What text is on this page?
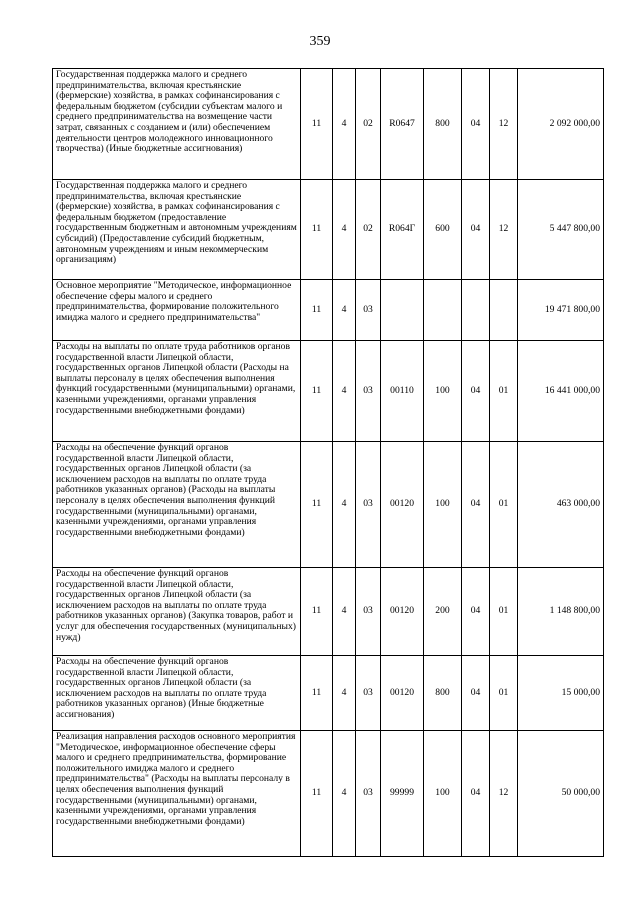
359
Государственная поддержка малого и среднего предпринимательства, включая крестьянские (фермерские) хозяйства, в рамках софинансирования с федеральным бюджетом (субсидии субъектам малого и среднего предпринимательства на возмещение части затрат, связанных с созданием и (или) обеспечением деятельности центров молодежного инновационного творчества) (Иные бюджетные ассигнования)	11	4	02	R0647	800	04	12	2 092 000,00
Государственная поддержка малого и среднего предпринимательства, включая крестьянские (фермерские) хозяйства, в рамках софинансирования с федеральным бюджетом (предоставление государственным бюджетным и автономным учреждениям субсидий) (Предоставление субсидий бюджетным, автономным учреждениям и иным некоммерческим организациям)	11	4	02	R064Г	600	04	12	5 447 800,00
Основное мероприятие "Методическое, информационное обеспечение сферы малого и среднего предпринимательства, формирование положительного имиджа малого и среднего предпринимательства"	11	4	03					19 471 800,00
Расходы на выплаты по оплате труда работников органов государственной власти Липецкой области, государственных органов Липецкой области (Расходы на выплаты персоналу в целях обеспечения выполнения функций государственными (муниципальными) органами, казенными учреждениями, органами управления государственными внебюджетными фондами)	11	4	03	00110	100	04	01	16 441 000,00
Расходы на обеспечение функций органов государственной власти Липецкой области, государственных органов Липецкой области (за исключением расходов на выплаты по оплате труда работников указанных органов) (Расходы на выплаты персоналу в целях обеспечения выполнения функций государственными (муниципальными) органами, казенными учреждениями, органами управления государственными внебюджетными фондами)	11	4	03	00120	100	04	01	463 000,00
Расходы на обеспечение функций органов государственной власти Липецкой области, государственных органов Липецкой области (за исключением расходов на выплаты по оплате труда работников указанных органов) (Закупка товаров, работ и услуг для обеспечения государственных (муниципальных) нужд)	11	4	03	00120	200	04	01	1 148 800,00
Расходы на обеспечение функций органов государственной власти Липецкой области, государственных органов Липецкой области (за исключением расходов на выплаты по оплате труда работников указанных органов) (Иные бюджетные ассигнования)	11	4	03	00120	800	04	01	15 000,00
Реализация направления расходов основного мероприятия "Методическое, информационное обеспечение сферы малого и среднего предпринимательства, формирование положительного имиджа малого и среднего предпринимательства" (Расходы на выплаты персоналу в целях обеспечения выполнения функций государственными (муниципальными) органами, казенными учреждениями, органами управления государственными внебюджетными фондами)	11	4	03	99999	100	04	12	50 000,00
